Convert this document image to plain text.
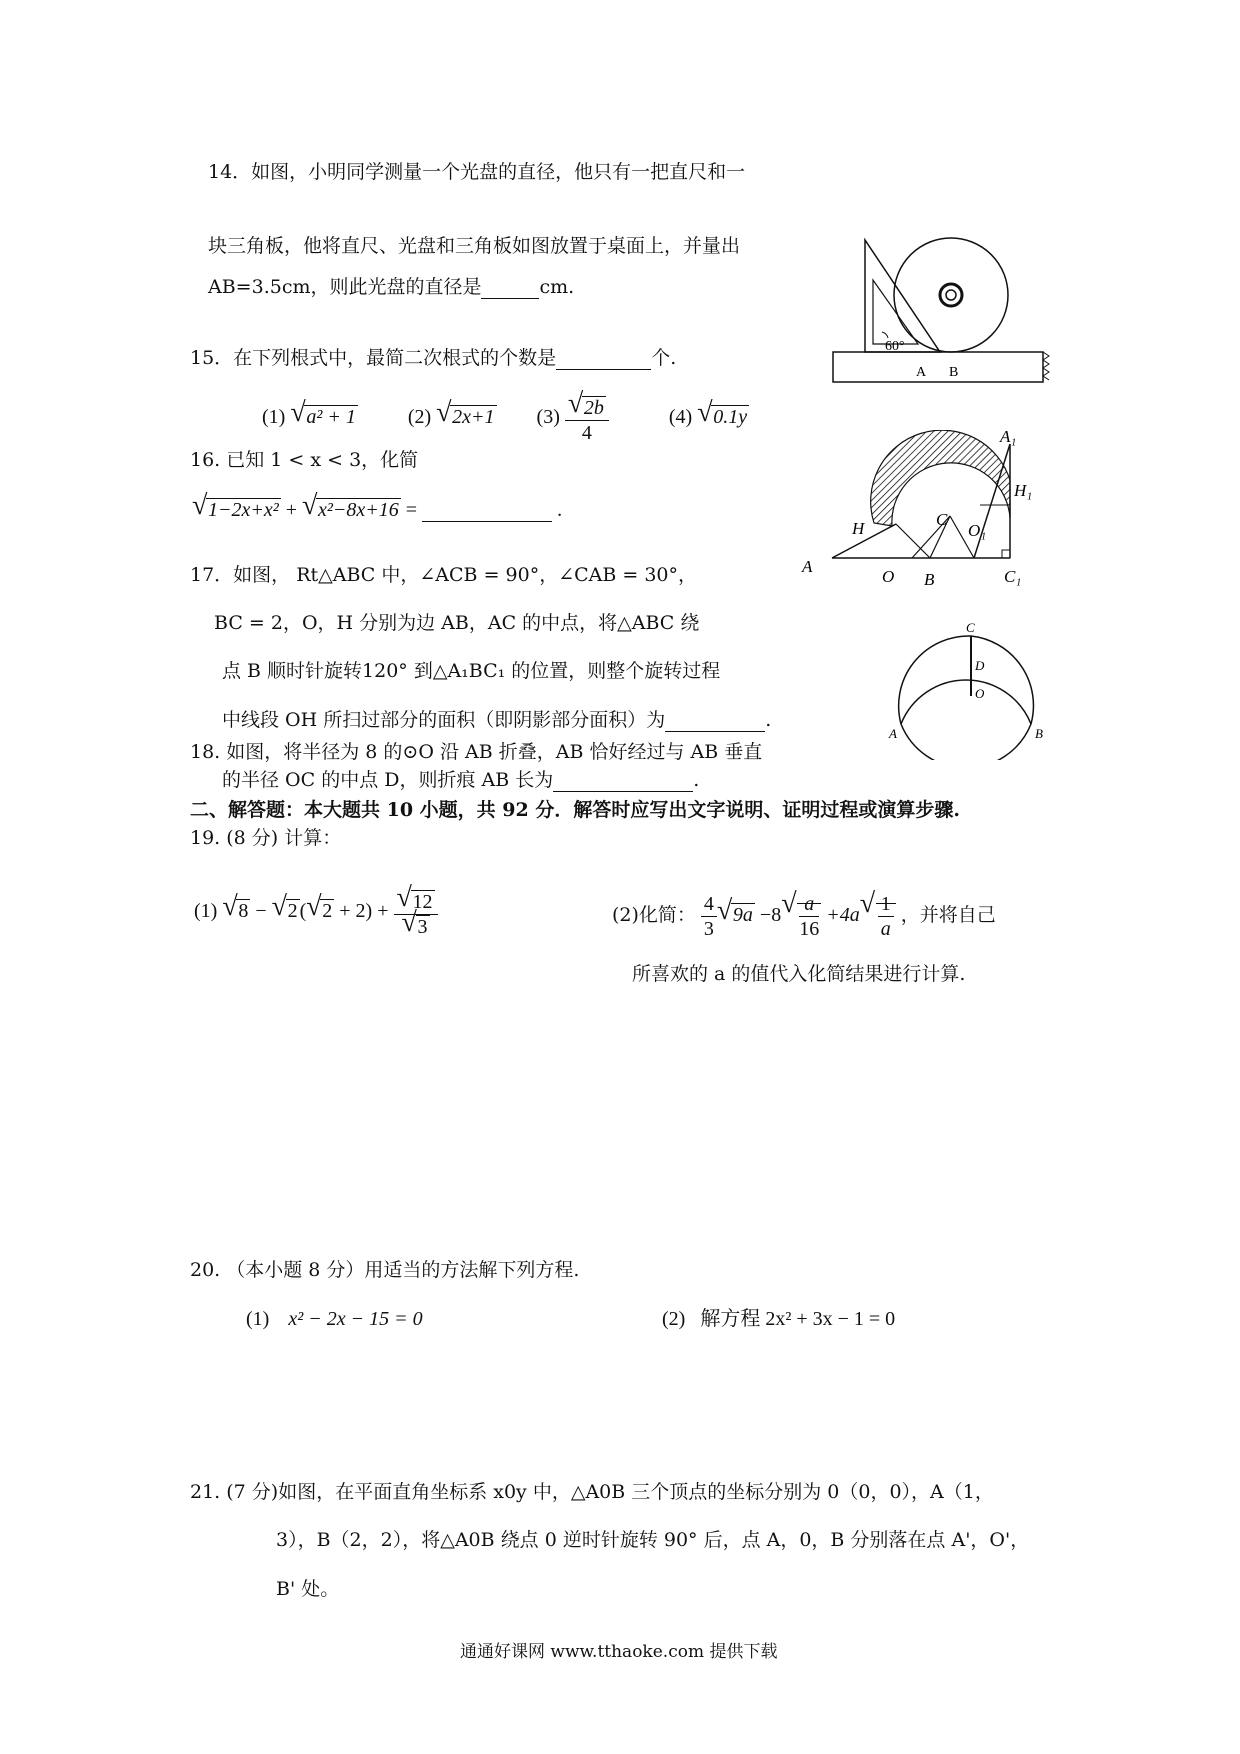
14．如图，小明同学测量一个光盘的直径，他只有一把直尺和一
块三角板，他将直尺、光盘和三角板如图放置于桌面上，并量出
AB=3.5cm，则此光盘的直径是	cm.
60°
A B
15．在下列根式中，最简二次根式的个数是	个.
(1) √ a² + 1	(2) √ 2x+1 $(3) \frac{√ 2b}{4}$	(4) √ 0.1y
16. 已知 1 < x < 3，化简
√ 1−2x+x² + √ x²−8x+16 =	.
A₁
H₁
H	C
O₁
A
O B	C₁
17．如图， Rt△ABC 中，∠ACB = 90°，∠CAB = 30°，
BC = 2，O，H 分别为边 AB，AC 的中点，将△ABC 绕
点 B 顺时针旋转120° 到△A₁BC₁ 的位置，则整个旋转过程
中线段 OH 所扫过部分的面积（即阴影部分面积）为	.
C
D
O
A	B
18. 如图，将半径为 8 的⊙O 沿 AB 折叠，AB 恰好经过与 AB 垂直
的半径 OC 的中点 D，则折痕 AB 长为	.
二、解答题：本大题共 10 小题，共 92 分．解答时应写出文字说明、证明过程或演算步骤.
19. (8 分) 计算：
(1) √ 8 − √ 2 ( √ $2 + 2) + \frac{√ 12}{√ 3}$	(2)化简： $\frac{4}{3}$ √ 9a −8 √ $\frac{a}{16} +4a$ √ $\frac{1}{a}$ ，并将自己
所喜欢的 a 的值代入化简结果进行计算.
20. （本小题 8 分）用适当的方法解下列方程.
(1) x² − 2x − 15 = 0	(2) 解方程 2x² + 3x − 1 = 0
21. (7 分)如图，在平面直角坐标系 x0y 中，△A0B 三个顶点的坐标分别为 0（0，0），A（1，
3），B（2，2），将△A0B 绕点 0 逆时针旋转 90° 后，点 A，0，B 分别落在点 A'，O'，
B' 处。
通通好课网 www.tthaoke.com 提供下载
